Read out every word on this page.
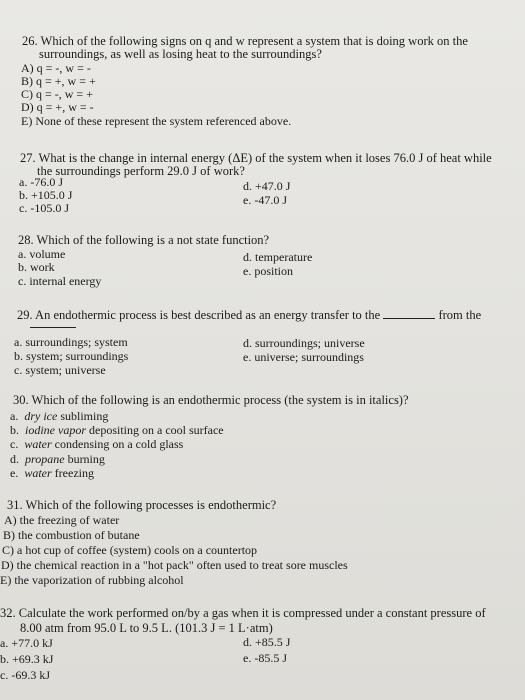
26. Which of the following signs on q and w represent a system that is doing work on the
surroundings, as well as losing heat to the surroundings?
A) q = -, w = -
B) q = +, w = +
C) q = -, w = +
D) q = +, w = -
E) None of these represent the system referenced above.
27. What is the change in internal energy (ΔE) of the system when it loses 76.0 J of heat while
the surroundings perform 29.0 J of work?
a. -76.0 J
b. +105.0 J
c. -105.0 J
d. +47.0 J
e. -47.0 J
28. Which of the following is a not state function?
a. volume
b. work
c. internal energy
d. temperature
e. position
29. An endothermic process is best described as an energy transfer to the	from the
a. surroundings; system
b. system; surroundings
c. system; universe
d. surroundings; universe
e. universe; surroundings
30. Which of the following is an endothermic process (the system is in italics)?
a. dry ice subliming
b. iodine vapor depositing on a cool surface
c. water condensing on a cold glass
d. propane burning
e. water freezing
31. Which of the following processes is endothermic?
A) the freezing of water
B) the combustion of butane
C) a hot cup of coffee (system) cools on a countertop
D) the chemical reaction in a "hot pack" often used to treat sore muscles
E) the vaporization of rubbing alcohol
32. Calculate the work performed on/by a gas when it is compressed under a constant pressure of
8.00 atm from 95.0 L to 9.5 L. (101.3 J = 1 L·atm)
a. +77.0 kJ
b. +69.3 kJ
c. -69.3 kJ
d. +85.5 J
e. -85.5 J
